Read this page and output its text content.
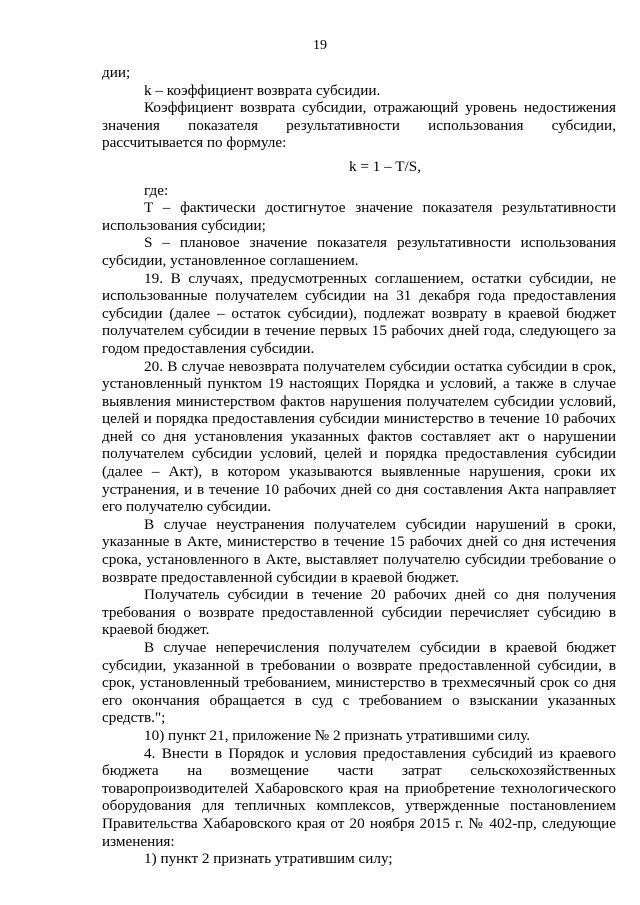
19

дии;

k – коэффициент возврата субсидии.

Коэффициент возврата субсидии, отражающий уровень недостижения значения показателя результативности использования субсидии, рассчитывается по формуле:

k = 1 – T/S,

где:

T – фактически достигнутое значение показателя результативности использования субсидии;

S – плановое значение показателя результативности использования субсидии, установленное соглашением.

19. В случаях, предусмотренных соглашением, остатки субсидии, не использованные получателем субсидии на 31 декабря года предоставления субсидии (далее – остаток субсидии), подлежат возврату в краевой бюджет получателем субсидии в течение первых 15 рабочих дней года, следующего за годом предоставления субсидии.

20. В случае невозврата получателем субсидии остатка субсидии в срок, установленный пунктом 19 настоящих Порядка и условий, а также в случае выявления министерством фактов нарушения получателем субсидии условий, целей и порядка предоставления субсидии министерство в течение 10 рабочих дней со дня установления указанных фактов составляет акт о нарушении получателем субсидии условий, целей и порядка предоставления субсидии (далее – Акт), в котором указываются выявленные нарушения, сроки их устранения, и в течение 10 рабочих дней со дня составления Акта направляет его получателю субсидии.

В случае неустранения получателем субсидии нарушений в сроки, указанные в Акте, министерство в течение 15 рабочих дней со дня истечения срока, установленного в Акте, выставляет получателю субсидии требование о возврате предоставленной субсидии в краевой бюджет.

Получатель субсидии в течение 20 рабочих дней со дня получения требования о возврате предоставленной субсидии перечисляет субсидию в краевой бюджет.

В случае неперечисления получателем субсидии в краевой бюджет субсидии, указанной в требовании о возврате предоставленной субсидии, в срок, установленный требованием, министерство в трехмесячный срок со дня его окончания обращается в суд с требованием о взыскании указанных средств.";

10) пункт 21, приложение № 2 признать утратившими силу.

4. Внести в Порядок и условия предоставления субсидий из краевого бюджета на возмещение части затрат сельскохозяйственных товаропроизводителей Хабаровского края на приобретение технологического оборудования для тепличных комплексов, утвержденные постановлением Правительства Хабаровского края от 20 ноября 2015 г. № 402-пр, следующие изменения:

1) пункт 2 признать утратившим силу;
